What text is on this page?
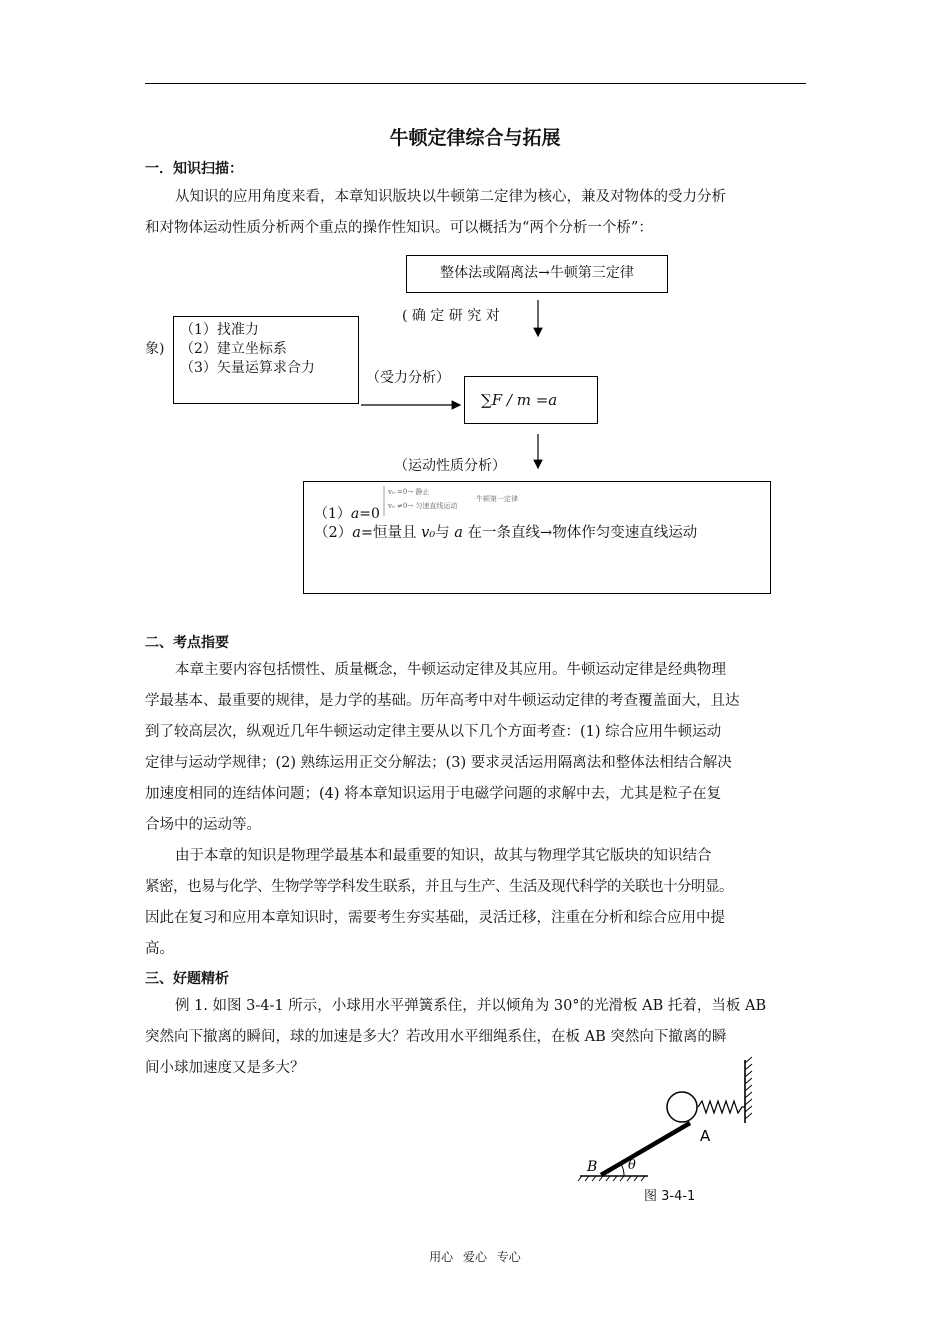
牛顿定律综合与拓展
一．知识扫描：
从知识的应用角度来看，本章知识版块以牛顿第二定律为核心，兼及对物体的受力分析
和对物体运动性质分析两个重点的操作性知识。可以概括为“两个分析一个桥”：
整体法或隔离法→牛顿第三定律
( 确 定 研 究 对
象)
（1）找准力
（2）建立坐标系
（3）矢量运算求合力
（受力分析）
∑F / m =a
（运动性质分析）
（1）a=0
v₀ =0→ 静止
v₀ ≠0→ 匀速直线运动
牛顿第一定律
（2）a=恒量且 v₀与 a 在一条直线→物体作匀变速直线运动
二、考点指要
本章主要内容包括惯性、质量概念，牛顿运动定律及其应用。牛顿运动定律是经典物理
学最基本、最重要的规律，是力学的基础。历年高考中对牛顿运动定律的考查覆盖面大，且达
到了较高层次，纵观近几年牛顿运动定律主要从以下几个方面考查：(1) 综合应用牛顿运动
定律与运动学规律；(2) 熟练运用正交分解法；(3) 要求灵活运用隔离法和整体法相结合解决
加速度相同的连结体问题；(4) 将本章知识运用于电磁学问题的求解中去，尤其是粒子在复
合场中的运动等。
由于本章的知识是物理学最基本和最重要的知识，故其与物理学其它版块的知识结合
紧密，也易与化学、生物学等学科发生联系，并且与生产、生活及现代科学的关联也十分明显。
因此在复习和应用本章知识时，需要考生夯实基础，灵活迁移，注重在分析和综合应用中提
高。
三、好题精析
例 1. 如图 3-4-1 所示，小球用水平弹簧系住，并以倾角为 30°的光滑板 AB 托着，当板 AB
突然向下撤离的瞬间，球的加速是多大？若改用水平细绳系住，在板 AB 突然向下撤离的瞬
间小球加速度又是多大？
A
B θ
图 3-4-1
用心 爱心 专心
